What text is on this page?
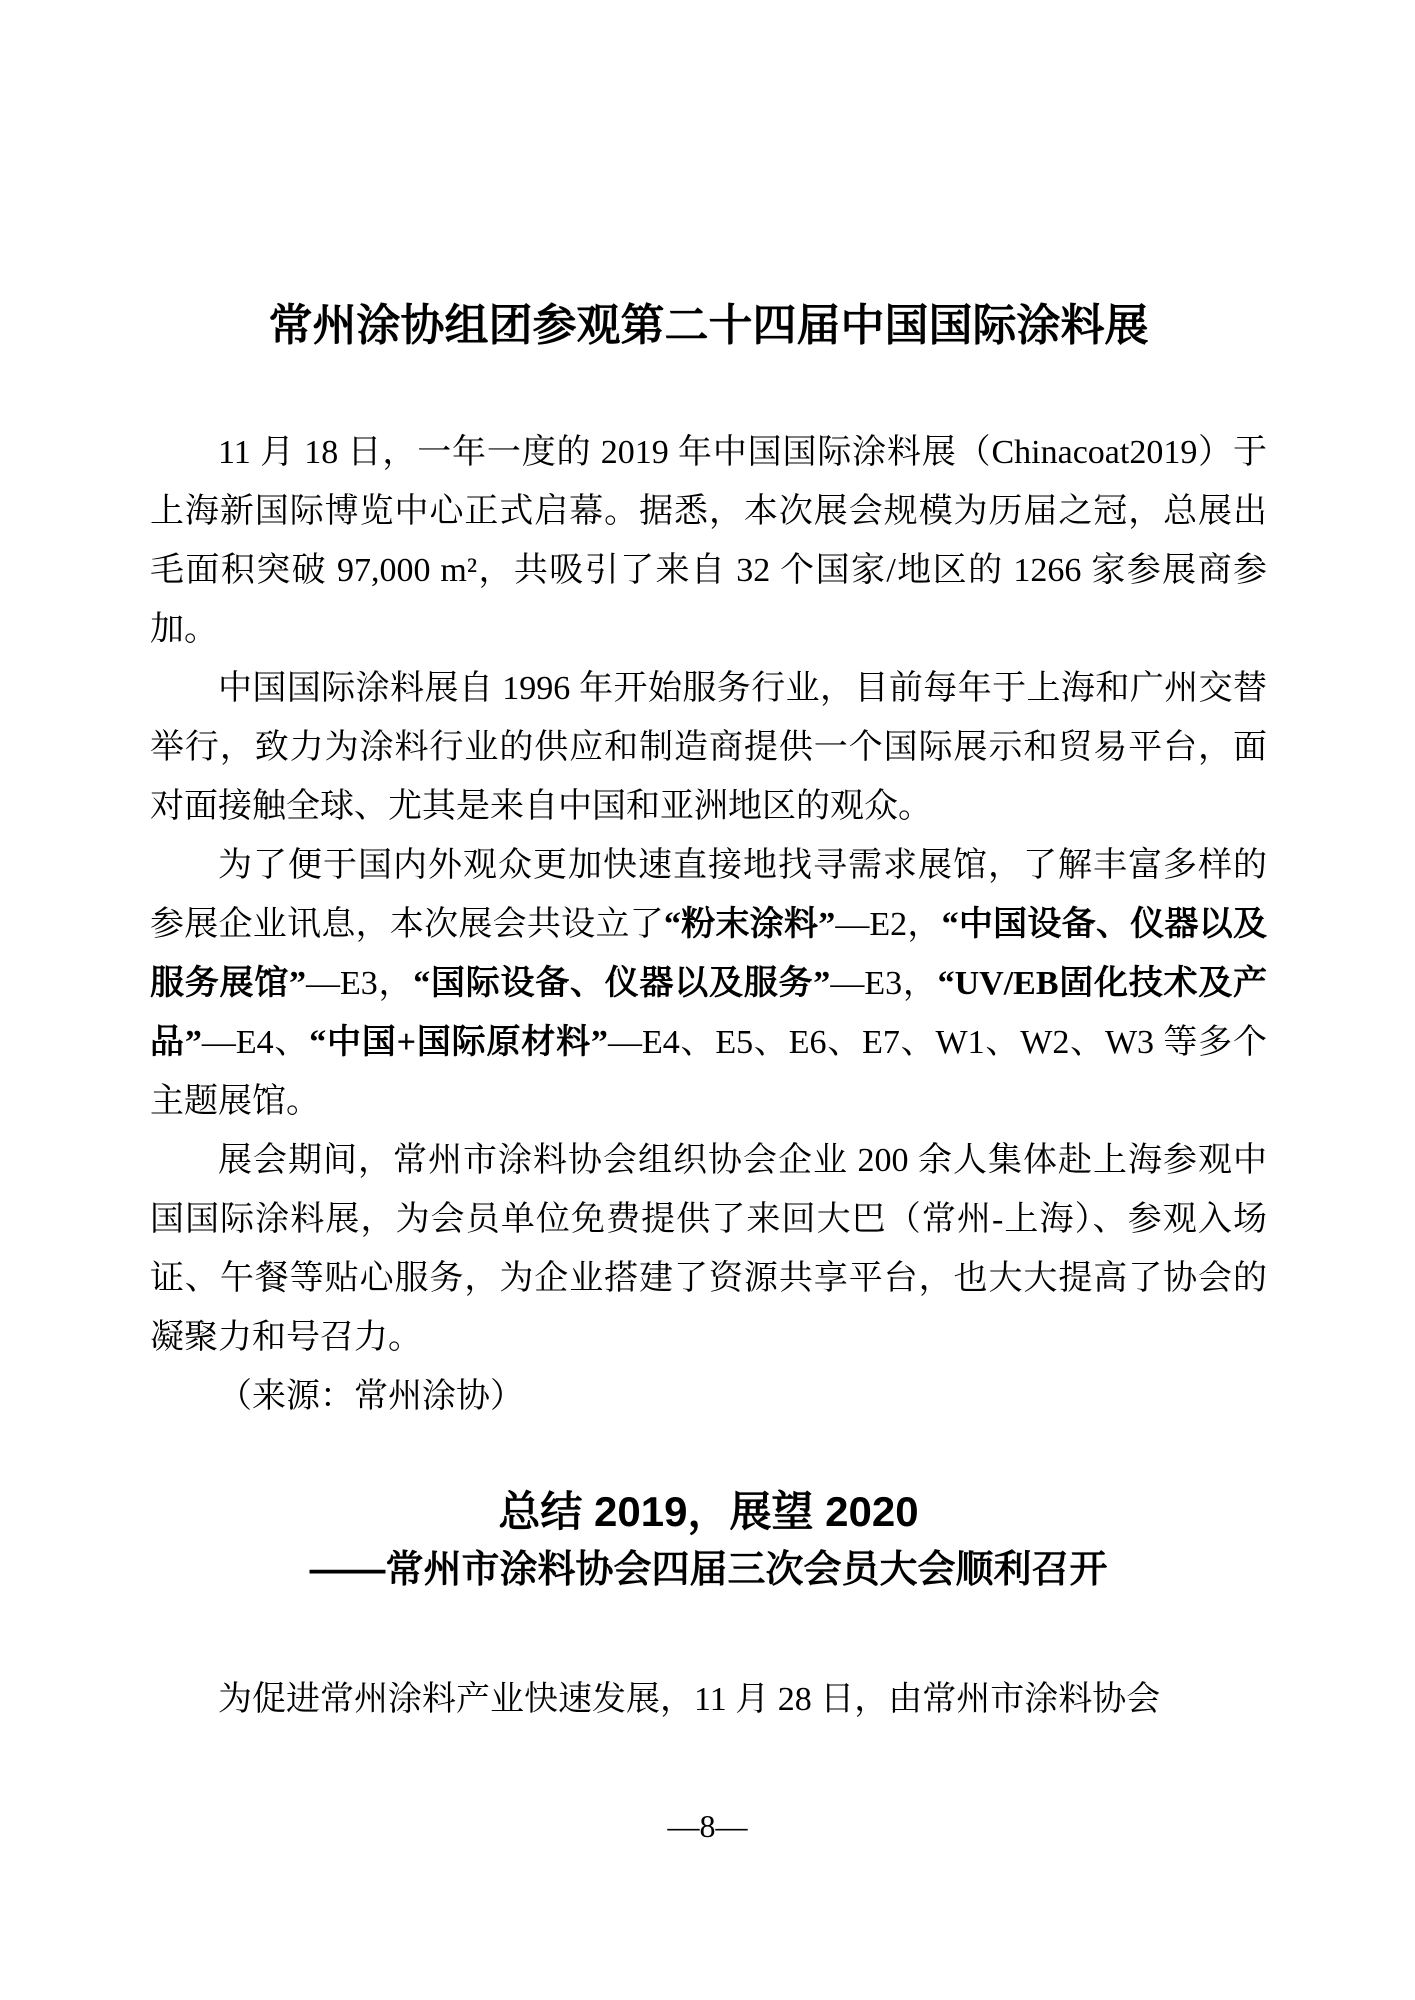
常州涂协组团参观第二十四届中国国际涂料展

11 月 18 日，一年一度的 2019 年中国国际涂料展（Chinacoat2019）于上海新国际博览中心正式启幕。据悉，本次展会规模为历届之冠，总展出毛面积突破 97,000 m²，共吸引了来自 32 个国家/地区的 1266 家参展商参加。

中国国际涂料展自 1996 年开始服务行业，目前每年于上海和广州交替举行，致力为涂料行业的供应和制造商提供一个国际展示和贸易平台，面对面接触全球、尤其是来自中国和亚洲地区的观众。

为了便于国内外观众更加快速直接地找寻需求展馆，了解丰富多样的参展企业讯息，本次展会共设立了“粉末涂料”—E2，“中国设备、仪器以及服务展馆”—E3，“国际设备、仪器以及服务”—E3，“UV/EB固化技术及产品”—E4、“中国+国际原材料”—E4、E5、E6、E7、W1、W2、W3 等多个主题展馆。

展会期间，常州市涂料协会组织协会企业 200 余人集体赴上海参观中国国际涂料展，为会员单位免费提供了来回大巴（常州-上海）、参观入场证、午餐等贴心服务，为企业搭建了资源共享平台，也大大提高了协会的凝聚力和号召力。

（来源：常州涂协）

总结 2019，展望 2020
——常州市涂料协会四届三次会员大会顺利召开

为促进常州涂料产业快速发展，11 月 28 日，由常州市涂料协会

—8—
